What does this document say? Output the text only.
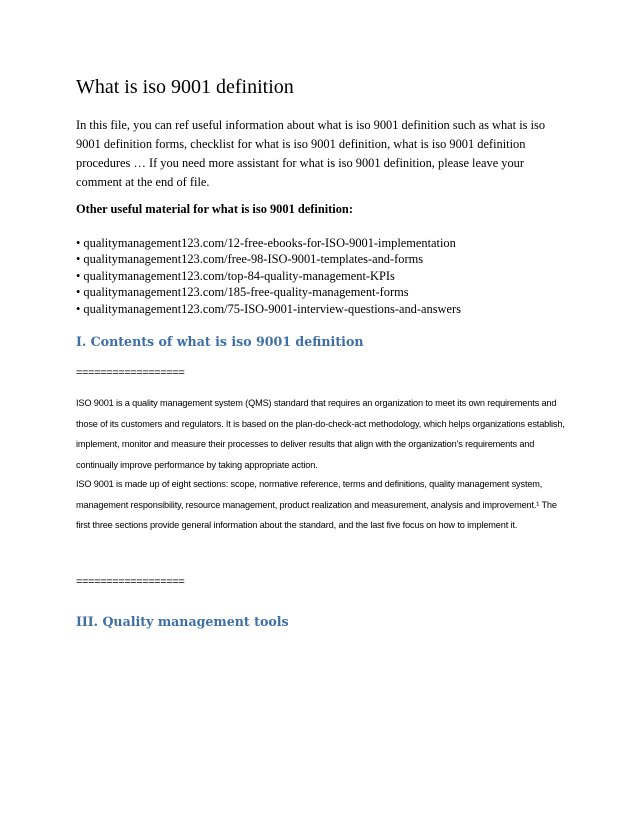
What is iso 9001 definition

In this file, you can ref useful information about what is iso 9001 definition such as what is iso 9001 definition forms, checklist for what is iso 9001 definition, what is iso 9001 definition procedures … If you need more assistant for what is iso 9001 definition, please leave your comment at the end of file.

Other useful material for what is iso 9001 definition:

• qualitymanagement123.com/12-free-ebooks-for-ISO-9001-implementation
• qualitymanagement123.com/free-98-ISO-9001-templates-and-forms
• qualitymanagement123.com/top-84-quality-management-KPIs
• qualitymanagement123.com/185-free-quality-management-forms
• qualitymanagement123.com/75-ISO-9001-interview-questions-and-answers
I. Contents of what is iso 9001 definition

==================

ISO 9001 is a quality management system (QMS) standard that requires an organization to meet its own requirements and those of its customers and regulators. It is based on the plan-do-check-act methodology, which helps organizations establish, implement, monitor and measure their processes to deliver results that align with the organization’s requirements and continually improve performance by taking appropriate action.

ISO 9001 is made up of eight sections: scope, normative reference, terms and definitions, quality management system, management responsibility, resource management, product realization and measurement, analysis and improvement.¹ The first three sections provide general information about the standard, and the last five focus on how to implement it.

==================

III. Quality management tools
